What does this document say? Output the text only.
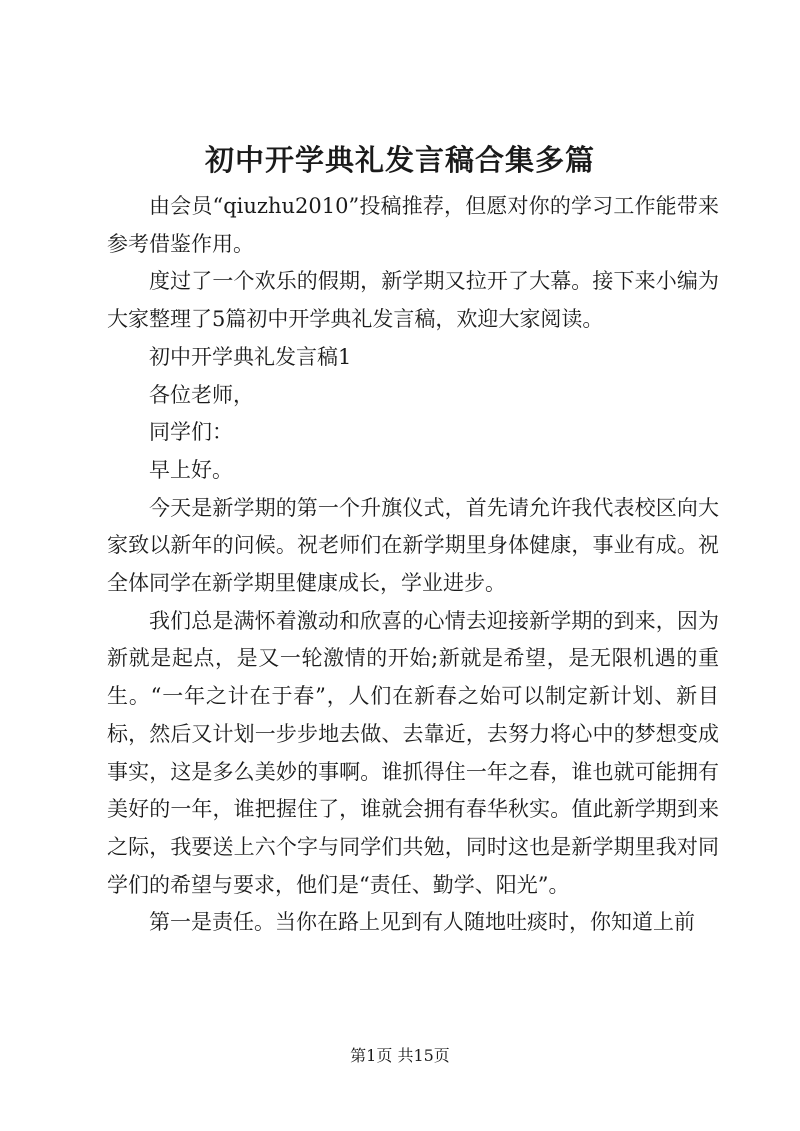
初中开学典礼发言稿合集多篇

由会员“qiuzhu2010”投稿推荐，但愿对你的学习工作能带来参考借鉴作用。

度过了一个欢乐的假期，新学期又拉开了大幕。接下来小编为大家整理了5篇初中开学典礼发言稿，欢迎大家阅读。

初中开学典礼发言稿1

各位老师，

同学们：

早上好。

今天是新学期的第一个升旗仪式，首先请允许我代表校区向大家致以新年的问候。祝老师们在新学期里身体健康，事业有成。祝全体同学在新学期里健康成长，学业进步。

我们总是满怀着激动和欣喜的心情去迎接新学期的到来，因为新就是起点，是又一轮激情的开始;新就是希望，是无限机遇的重生。“一年之计在于春”，人们在新春之始可以制定新计划、新目标，然后又计划一步步地去做、去靠近，去努力将心中的梦想变成事实，这是多么美妙的事啊。谁抓得住一年之春，谁也就可能拥有美好的一年，谁把握住了，谁就会拥有春华秋实。值此新学期到来之际，我要送上六个字与同学们共勉，同时这也是新学期里我对同学们的希望与要求，他们是“责任、勤学、阳光”。

第一是责任。当你在路上见到有人随地吐痰时，你知道上前

第1页 共15页
